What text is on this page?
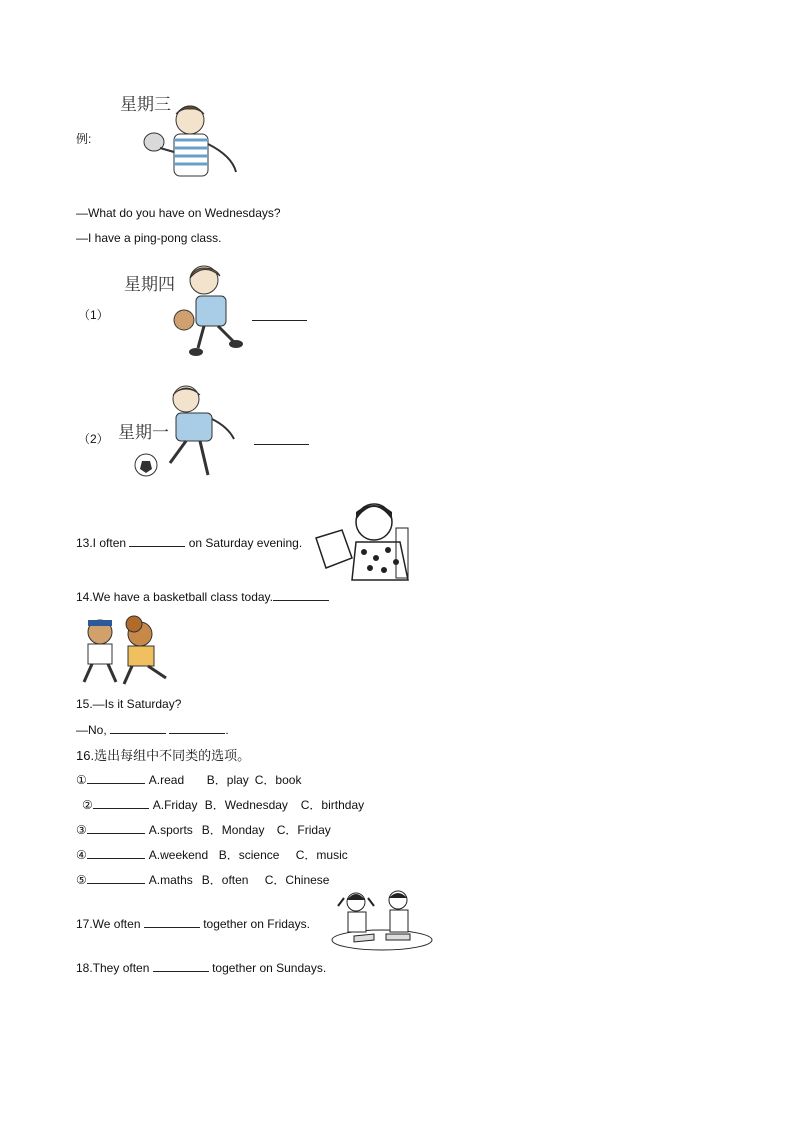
例:
星期三
—What do you have on Wednesdays?
—I have a ping-pong class.
星期四
（1）
星期一
（2）
13.I often	on Saturday evening.
14.We have a basketball class today.
15.—Is it Saturday?
—No,	.
16.选出每组中不同类的选项。
①	A.read B．play C．book
②	A.Friday B．Wednesday C．birthday
③	A.sports B．Monday C．Friday
④	A.weekend B．science C．music
⑤	A.maths B．often C．Chinese
17.We often	together on Fridays.
18.They often	together on Sundays.
